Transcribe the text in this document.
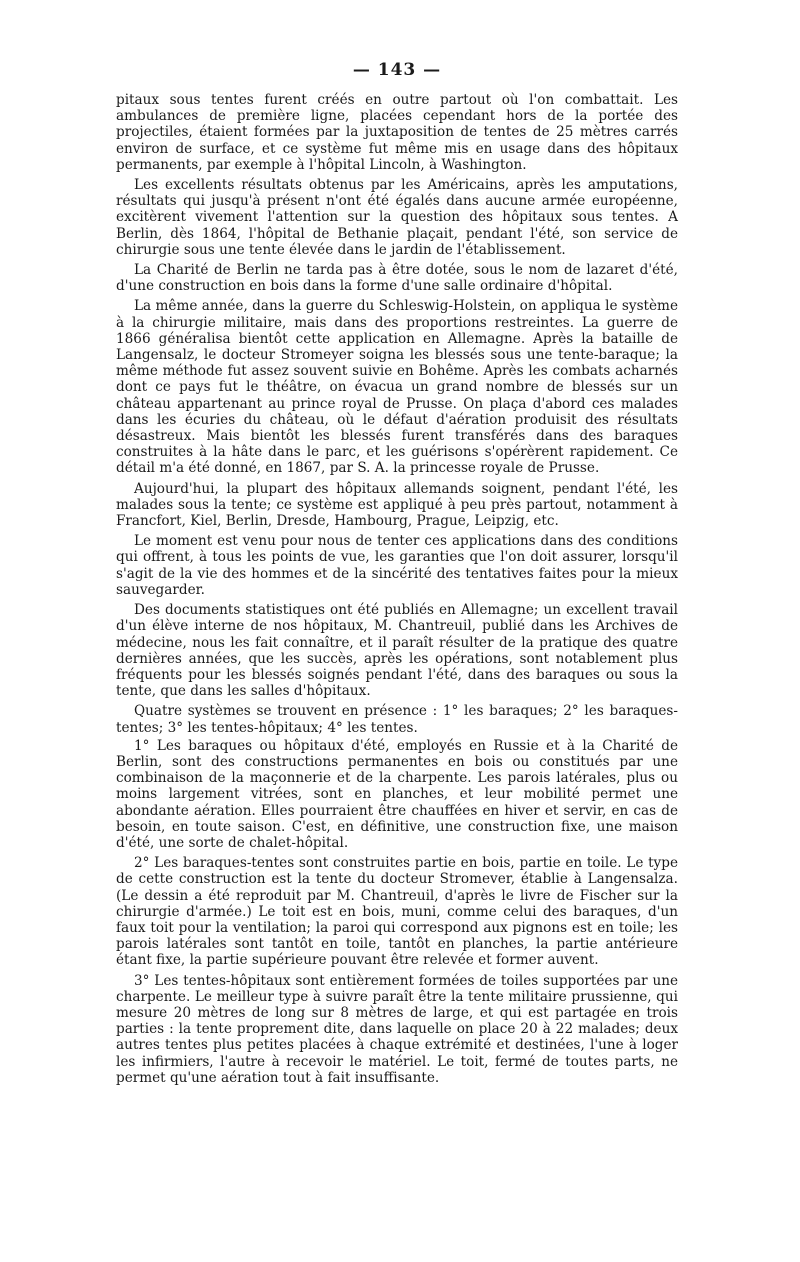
— 143 —

pitaux sous tentes furent créés en outre partout où l'on combattait. Les ambulances de première ligne, placées cependant hors de la portée des projectiles, étaient formées par la juxtaposition de tentes de 25 mètres carrés environ de surface, et ce système fut même mis en usage dans des hôpitaux permanents, par exemple à l'hôpital Lincoln, à Washington.

Les excellents résultats obtenus par les Américains, après les amputations, résultats qui jusqu'à présent n'ont été égalés dans aucune armée européenne, excitèrent vivement l'attention sur la question des hôpitaux sous tentes. A Berlin, dès 1864, l'hôpital de Bethanie plaçait, pendant l'été, son service de chirurgie sous une tente élevée dans le jardin de l'établissement.

La Charité de Berlin ne tarda pas à être dotée, sous le nom de lazaret d'été, d'une construction en bois dans la forme d'une salle ordinaire d'hôpital.

La même année, dans la guerre du Schleswig-Holstein, on appliqua le système à la chirurgie militaire, mais dans des proportions restreintes. La guerre de 1866 généralisa bientôt cette application en Allemagne. Après la bataille de Langensalz, le docteur Stromeyer soigna les blessés sous une tente-baraque; la même méthode fut assez souvent suivie en Bohême. Après les combats acharnés dont ce pays fut le théâtre, on évacua un grand nombre de blessés sur un château appartenant au prince royal de Prusse. On plaça d'abord ces malades dans les écuries du château, où le défaut d'aération produisit des résultats désastreux. Mais bientôt les blessés furent transférés dans des baraques construites à la hâte dans le parc, et les guérisons s'opérèrent rapidement. Ce détail m'a été donné, en 1867, par S. A. la princesse royale de Prusse.

Aujourd'hui, la plupart des hôpitaux allemands soignent, pendant l'été, les malades sous la tente; ce système est appliqué à peu près partout, notamment à Francfort, Kiel, Berlin, Dresde, Hambourg, Prague, Leipzig, etc.

Le moment est venu pour nous de tenter ces applications dans des conditions qui offrent, à tous les points de vue, les garanties que l'on doit assurer, lorsqu'il s'agit de la vie des hommes et de la sincérité des tentatives faites pour la mieux sauvegarder.

Des documents statistiques ont été publiés en Allemagne; un excellent travail d'un élève interne de nos hôpitaux, M. Chantreuil, publié dans les Archives de médecine, nous les fait connaître, et il paraît résulter de la pratique des quatre dernières années, que les succès, après les opérations, sont notablement plus fréquents pour les blessés soignés pendant l'été, dans des baraques ou sous la tente, que dans les salles d'hôpitaux.

Quatre systèmes se trouvent en présence : 1° les baraques; 2° les baraques-tentes; 3° les tentes-hôpitaux; 4° les tentes.

1° Les baraques ou hôpitaux d'été, employés en Russie et à la Charité de Berlin, sont des constructions permanentes en bois ou constitués par une combinaison de la maçonnerie et de la charpente. Les parois latérales, plus ou moins largement vitrées, sont en planches, et leur mobilité permet une abondante aération. Elles pourraient être chauffées en hiver et servir, en cas de besoin, en toute saison. C'est, en définitive, une construction fixe, une maison d'été, une sorte de chalet-hôpital.

2° Les baraques-tentes sont construites partie en bois, partie en toile. Le type de cette construction est la tente du docteur Stromever, établie à Langensalza. (Le dessin a été reproduit par M. Chantreuil, d'après le livre de Fischer sur la chirurgie d'armée.) Le toit est en bois, muni, comme celui des baraques, d'un faux toit pour la ventilation; la paroi qui correspond aux pignons est en toile; les parois latérales sont tantôt en toile, tantôt en planches, la partie antérieure étant fixe, la partie supérieure pouvant être relevée et former auvent.

3° Les tentes-hôpitaux sont entièrement formées de toiles supportées par une charpente. Le meilleur type à suivre paraît être la tente militaire prussienne, qui mesure 20 mètres de long sur 8 mètres de large, et qui est partagée en trois parties : la tente proprement dite, dans laquelle on place 20 à 22 malades; deux autres tentes plus petites placées à chaque extrémité et destinées, l'une à loger les infirmiers, l'autre à recevoir le matériel. Le toit, fermé de toutes parts, ne permet qu'une aération tout à fait insuffisante.
